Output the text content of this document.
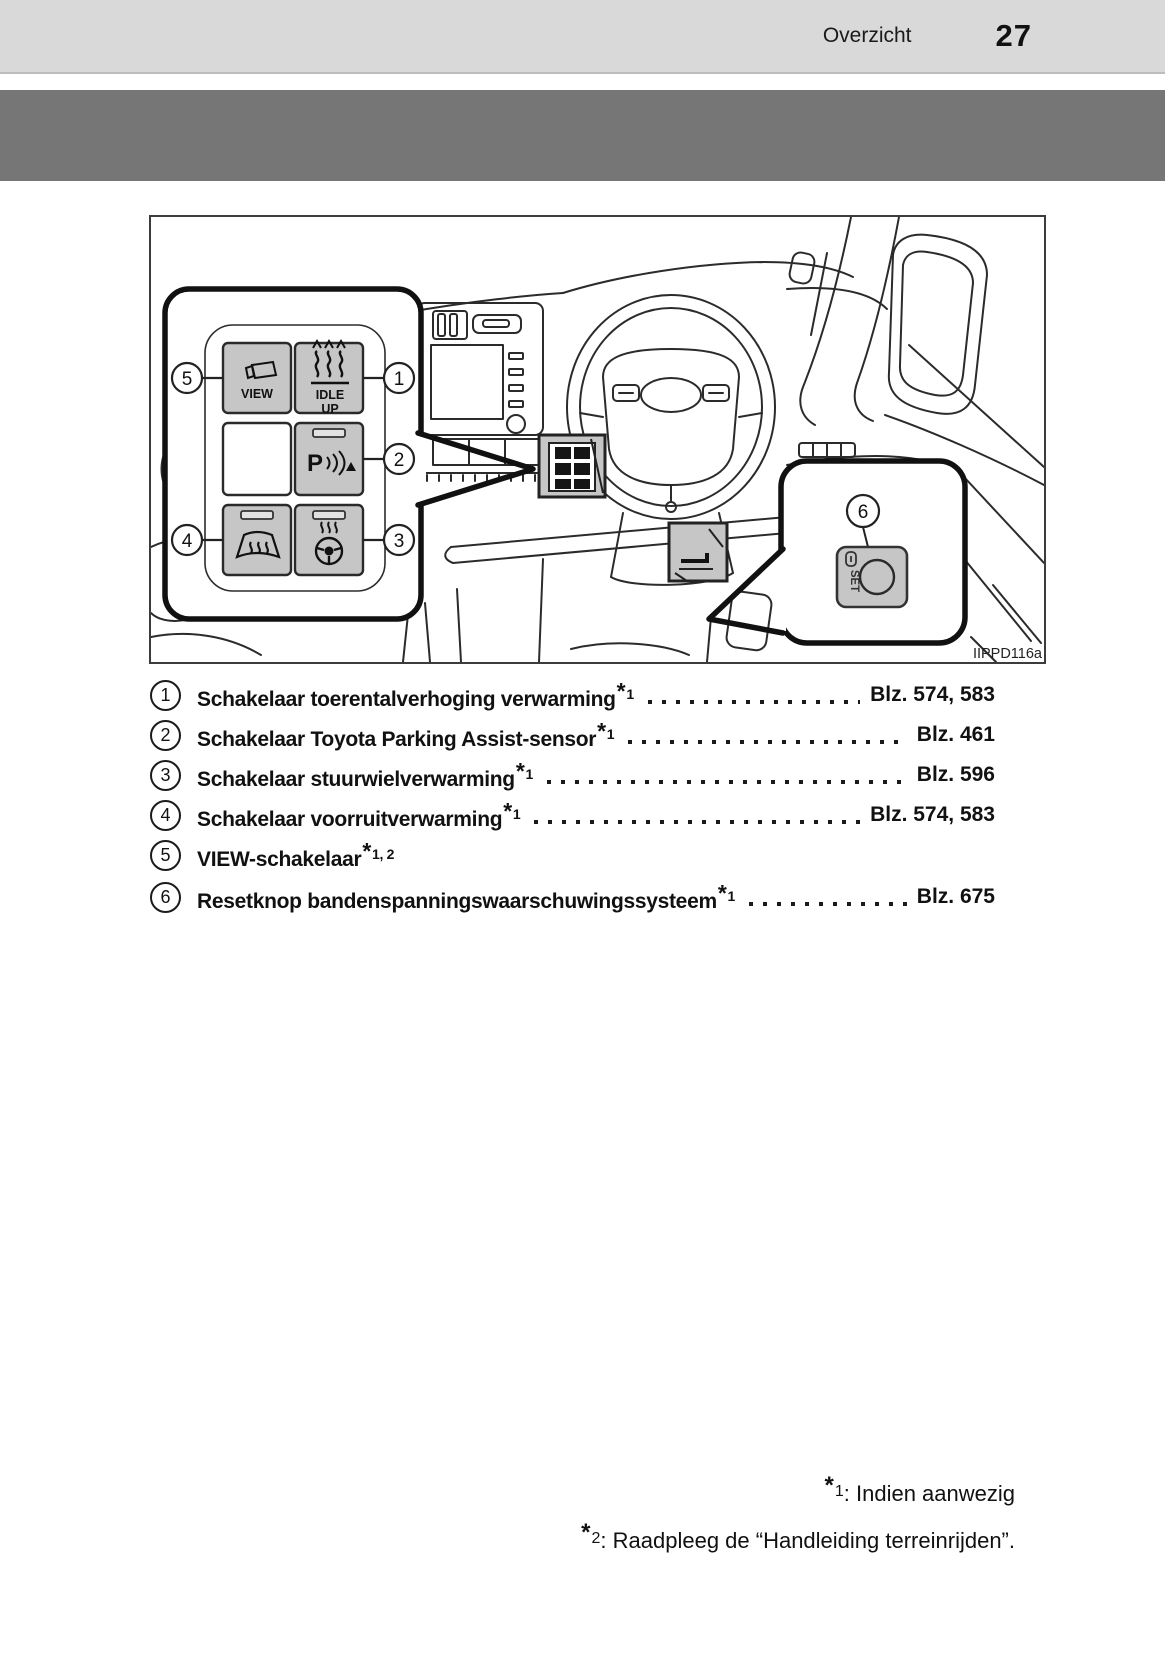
Overzicht	27
VIEW	IDLE
UP
P
5	1
2
4	3
6
SET
IIPPD116a
1 Schakelaar toerentalverhoging verwarming*$^1$	Blz. 574, 583
2 Schakelaar Toyota Parking Assist-sensor*$^1$	Blz. 461
3 Schakelaar stuurwielverwarming*$^1$	Blz. 596
4 Schakelaar voorruitverwarming*$^1$	Blz. 574, 583
5 VIEW-schakelaar*$^{1, 2}$
6 Resetknop bandenspanningswaarschuwingssysteem*$^1$	Blz. 675
*$^1$: Indien aanwezig
*$^2$: Raadpleeg de “Handleiding terreinrijden”.
